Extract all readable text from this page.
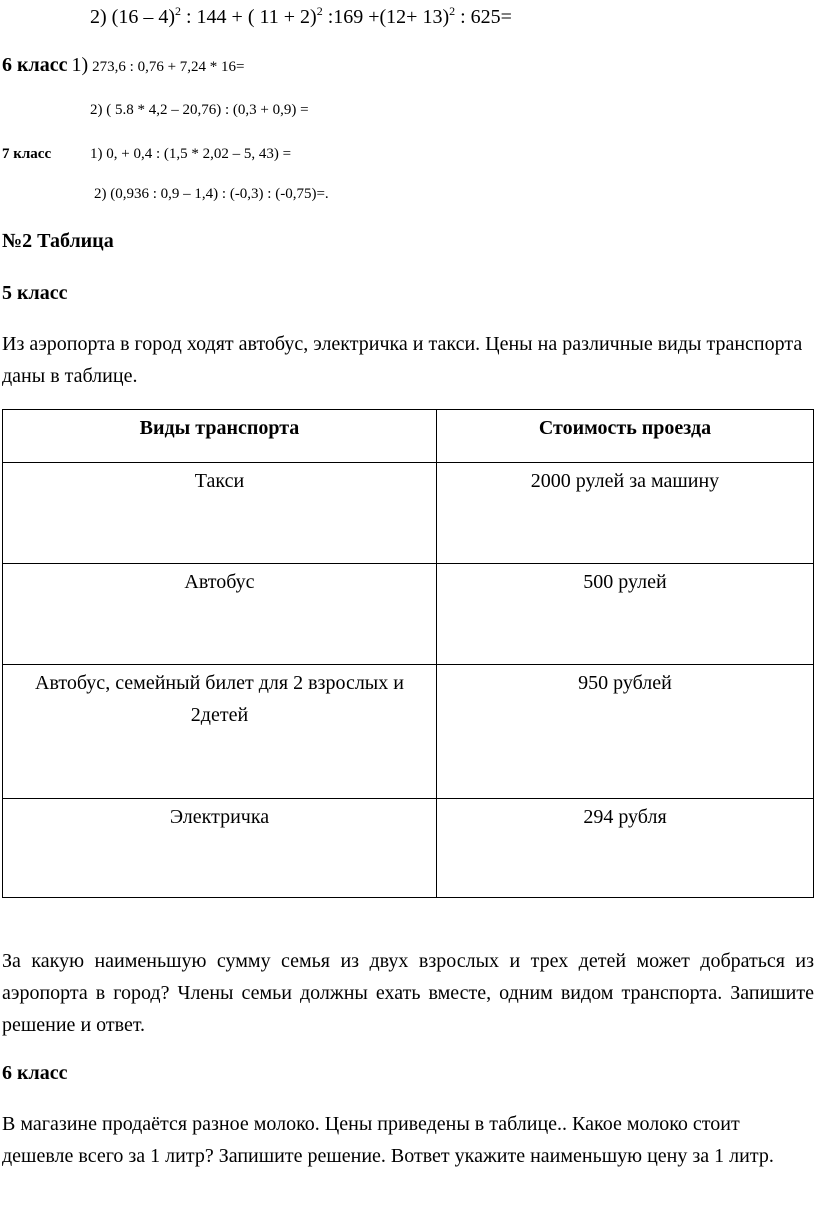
2) (16 – 4)$^2$ : 144 + ( 11 + 2)$^2$ :169 $+(12+ 13)^2$ : 625=
6 класс 1) 273,6 : 0,76 + 7,24 * 16=
2) ( 5.8 * 4,2 – 20,76) : (0,3 + 0,9) =
7 класс	1) 0, + 0,4 : (1,5 * 2,02 – 5, 43) =
2) (0,936 : 0,9 – 1,4) : (-0,3) : (-0,75)=.
№2 Таблица
5 класс
Из аэропорта в город ходят автобус, электричка и такси. Цены на различные виды транспорта даны в таблице.
Виды транспорта	Стоимость проезда
Такси	2000 рулей за машину
Автобус	500 рулей
Автобус, семейный билет для 2 взрослых и 2детей	950 рублей
Электричка	294 рубля
За какую наименьшую сумму семья из двух взрослых и трех детей может добраться из аэропорта в город? Члены семьи должны ехать вместе, одним видом транспорта. Запишите решение и ответ.
6 класс
В магазине продаётся разное молоко. Цены приведены в таблице.. Какое молоко стоит дешевле всего за 1 литр? Запишите решение. Вответ укажите наименьшую цену за 1 литр.
